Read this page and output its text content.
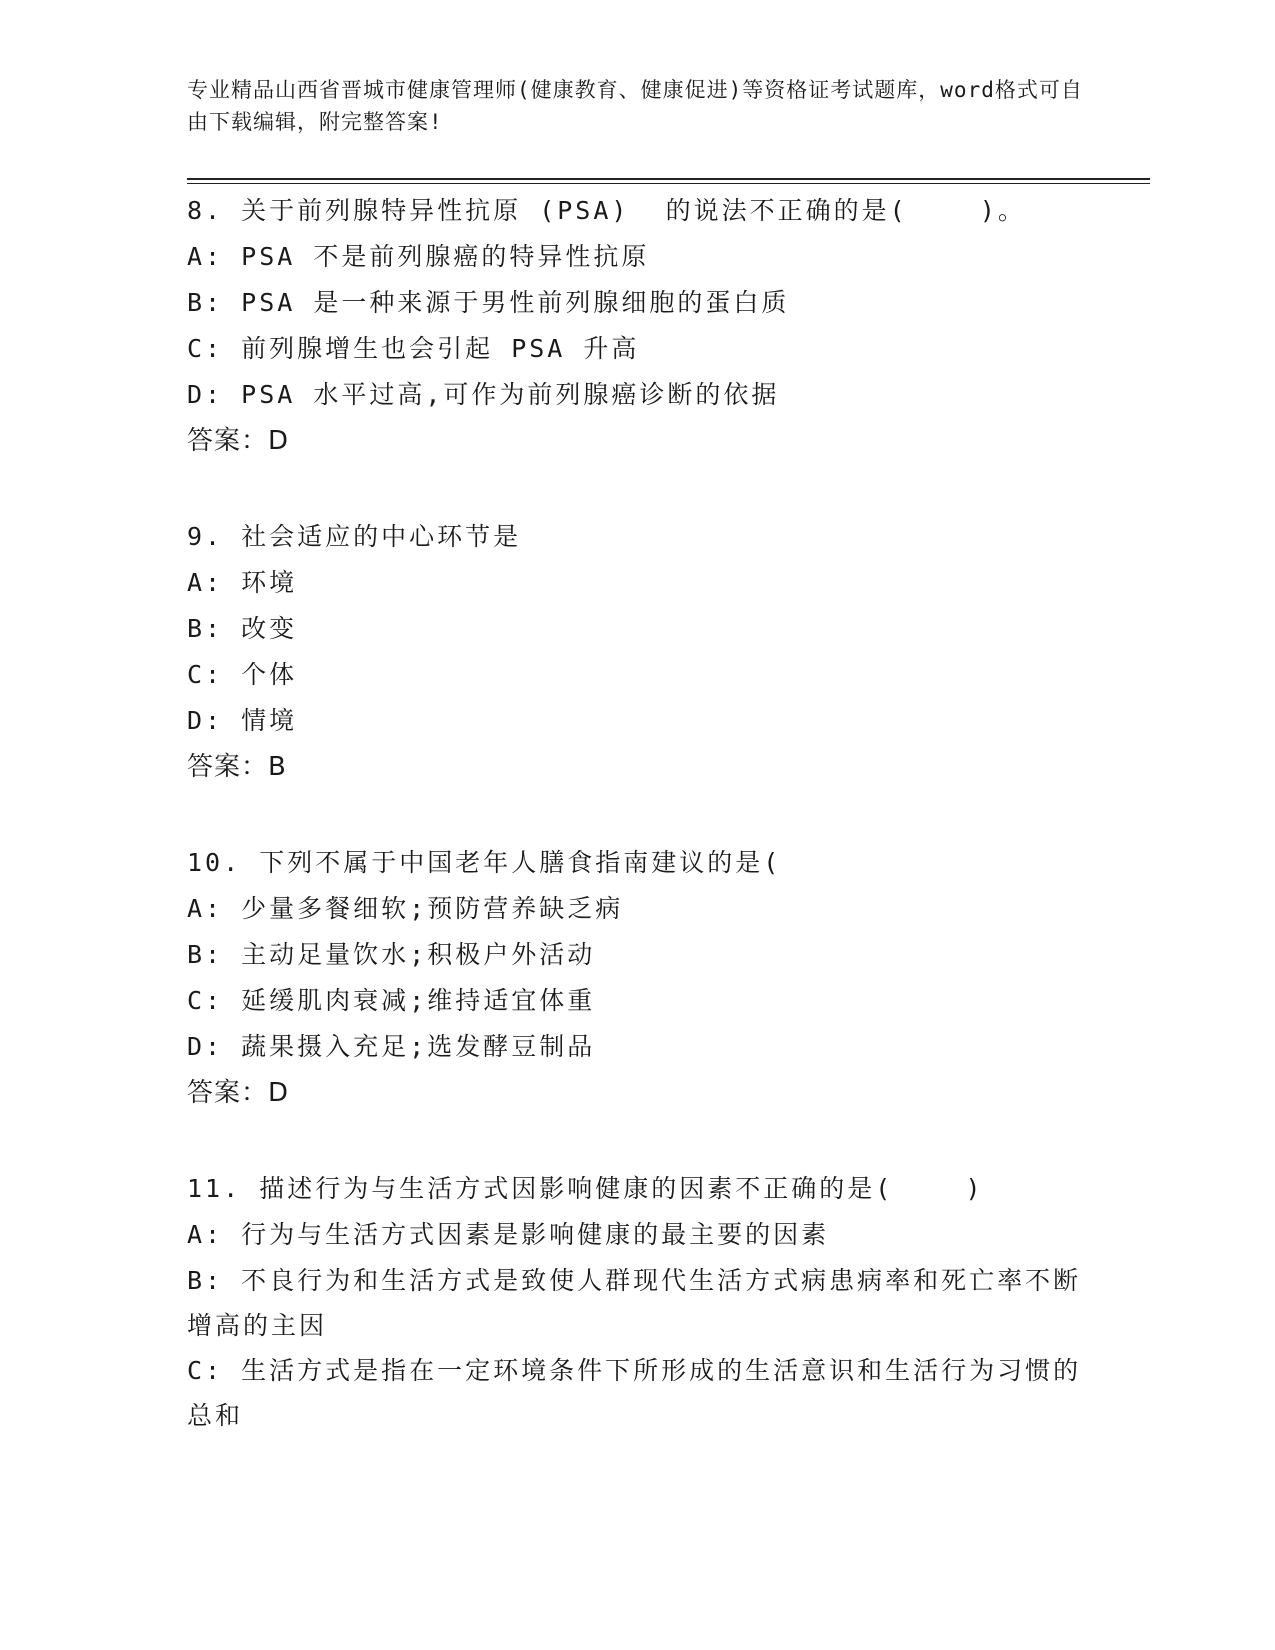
专业精品山西省晋城市健康管理师(健康教育、健康促进)等资格证考试题库，word格式可自由下载编辑，附完整答案!
8. 关于前列腺特异性抗原 (PSA)  的说法不正确的是(    )。
A: PSA 不是前列腺癌的特异性抗原
B: PSA 是一种来源于男性前列腺细胞的蛋白质
C: 前列腺增生也会引起 PSA 升高
D: PSA 水平过高,可作为前列腺癌诊断的依据
答案：D
9. 社会适应的中心环节是
A: 环境
B: 改变
C: 个体
D: 情境
答案：B
10. 下列不属于中国老年人膳食指南建议的是(
A: 少量多餐细软;预防营养缺乏病
B: 主动足量饮水;积极户外活动
C: 延缓肌肉衰减;维持适宜体重
D: 蔬果摄入充足;选发酵豆制品
答案：D
11. 描述行为与生活方式因影响健康的因素不正确的是(    )
A: 行为与生活方式因素是影响健康的最主要的因素
B: 不良行为和生活方式是致使人群现代生活方式病患病率和死亡率不断增高的主因
C: 生活方式是指在一定环境条件下所形成的生活意识和生活行为习惯的总和
